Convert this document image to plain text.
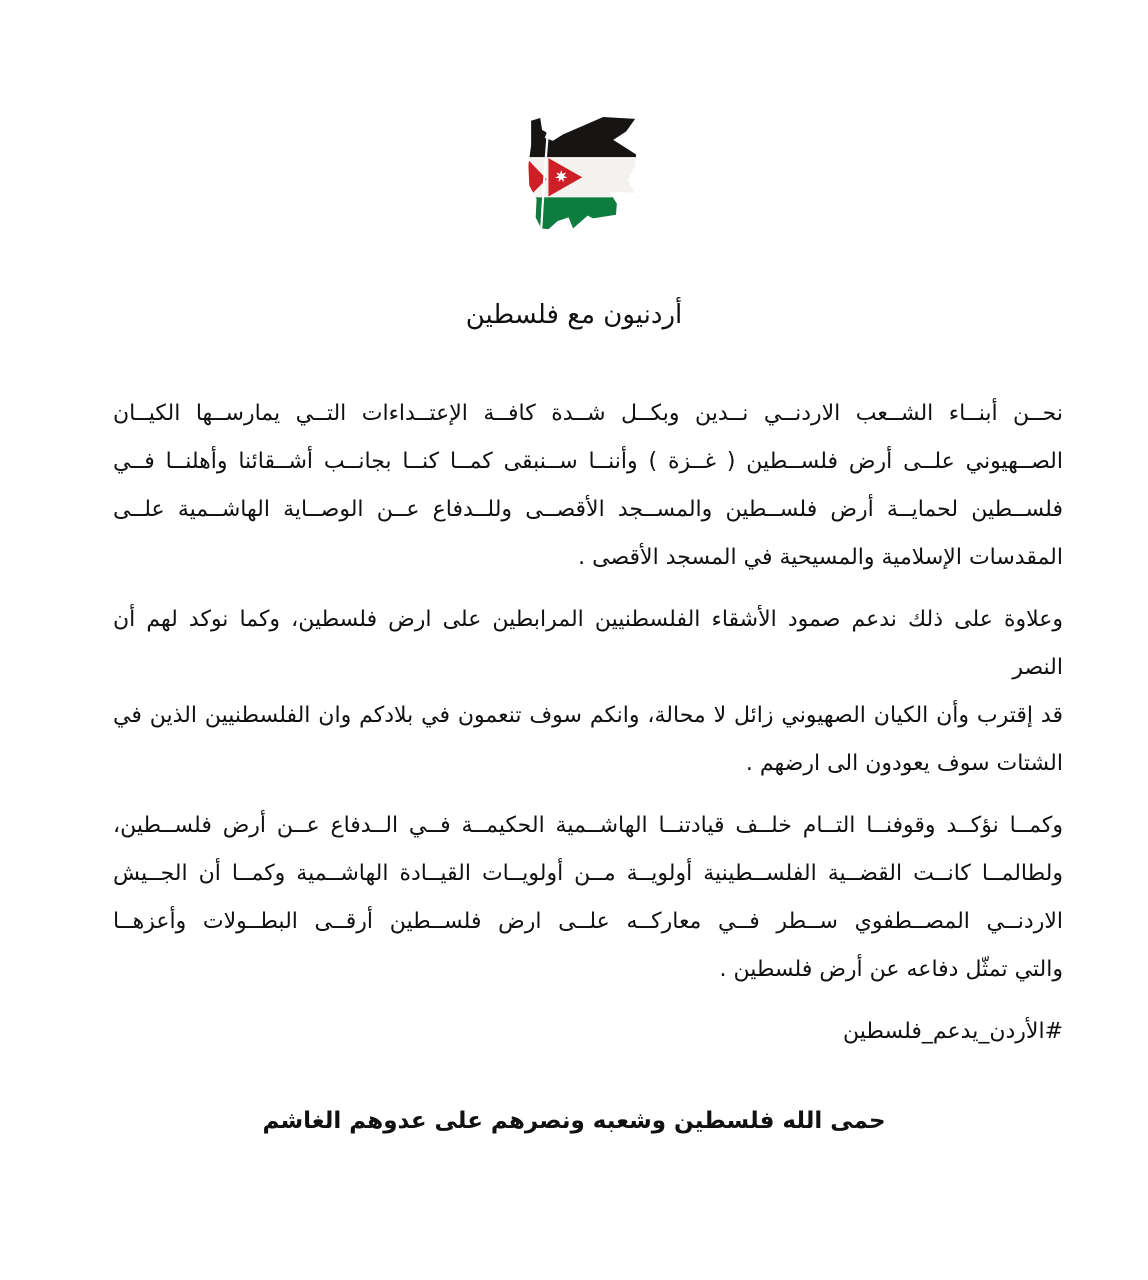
أردنيون مع فلسطين
نحــن أبنــاء الشــعب الاردنــي نــدين وبكــل شــدة كافــة الإعتــداءات التــي يمارســها الكيــان
الصــهيوني علــى أرض فلســطين ( غــزة ) وأننــا ســنبقى كمــا كنــا بجانــب أشــقائنا وأهلنــا فــي
فلســطين لحمايــة أرض فلســطين والمســجد الأقصــى وللــدفاع عــن الوصــاية الهاشــمية علــى
المقدسات الإسلامية والمسيحية في المسجد الأقصى .
وعلاوة على ذلك ندعم صمود الأشقاء الفلسطنيين المرابطين على ارض فلسطين، وكما نوكد لهم أن النصر
قد إقترب وأن الكيان الصهيوني زائل لا محالة، وانكم سوف تنعمون في بلادكم وان الفلسطنيين الذين في
الشتات سوف يعودون الى ارضهم .
وكمــا نؤكــد وقوفنــا التــام خلــف قيادتنــا الهاشــمية الحكيمــة فــي الــدفاع عــن أرض فلســطين،
ولطالمــا كانــت القضــية الفلســطينية أولويــة مــن أولويــات القيــادة الهاشــمية وكمــا أن الجــيش
الاردنــي المصــطفوي ســطر فــي معاركــه علــى ارض فلســطين أرقــى البطــولات وأعزهــا
والتي تمثّل دفاعه عن أرض فلسطين .
#الأردن_يدعم_فلسطين
حمى الله فلسطين وشعبه ونصرهم على عدوهم الغاشم
